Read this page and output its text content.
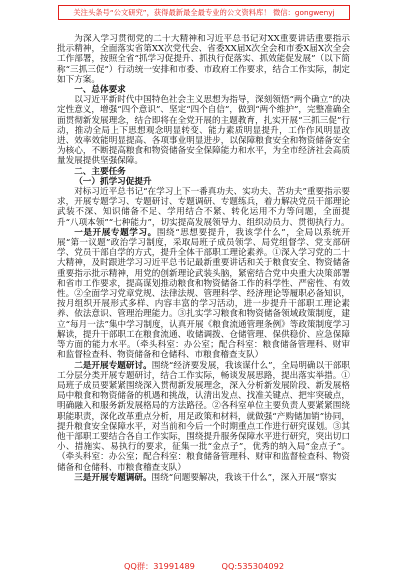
关注头条号“公文研究”，获得最新最全最专业的公文资料库！ 微信：gongwenyj

为深入学习贯彻党的二十大精神和习近平总书记对XX重要讲话重要指示批示精神，全面落实省第XX次党代会、省委XX届X次全会和市委X届X次全会工作部署，按照全省“抓学习促提升、抓执行促落实、抓效能促发展”（以下简称“三抓三促”）行动统一安排和市委、市政府工作要求，结合工作实际，制定如下方案。

一、总体要求

以习近平新时代中国特色社会主义思想为指导，深刻领悟“两个确立”的决定性意义，增强“四个意识”、坚定“四个自信”，做到“两个维护”，完整准确全面贯彻新发展理念，结合即将在全党开展的主题教育，扎实开展“三抓三促”行动，推动全局上下思想观念明显转变、能力素质明显提升，工作作风明显改进、效率效能明显提高、各项事业明显进步，以保障粮食安全和物资储备安全为核心，不断提高粮食和物资储备安全保障能力和水平，为全市经济社会高质量发展提供坚强保障。

二、主要任务

（一）抓学习促提升

对标习近平总书记“在学习上下一番真功夫、实功夫、苦功夫”重要指示要求，开展专题学习、专题研讨、专题调研、专题练兵，着力解决党员干部理论武装不深、知识储备不足、学用结合不紧、转化运用不力等问题，全面提升“八项本领”“七种能力”，切实提高发展领导力、组织动员力、贯彻执行力。

一是开展专题学习。围绕“思想要提升，我该学什么”，全局以系统开展“第一议题”政治学习制度，采取局班子成员领学、局党组督学、党支部研学、党员干部自学的方式，提升全体干部职工理论素养。①深入学习党的二十大精神，及时跟进学习习近平总书记最新重要讲话和关于粮食安全、物资储备重要指示批示精神，用党的创新理论武装头脑，紧密结合党中央重大决策部署和省市工作要求，提高谋划推动粮食和物资储备工作的科学性、严密性、有效性。②全面学习党章党规、法律法规、管理科学、经济理论等履职必备知识，按月组织开展形式多样、内容丰富的学习活动，进一步提升干部职工理论素养、依法意识、管理治理能力。③扎实学习粮食和物资储备领域政策制度，建立“每月一法”集中学习制度，认真开展《粮食流通管理条例》等政策制度学习解读，提升干部职工在粮食流通、收储调拨、仓储管理、保供稳价、应急保障等方面的能力水平。（牵头科室：办公室；配合科室：粮食储备管理科、财审和监督检查科、物资储备和仓储科、市粮食稽查支队）

二是开展专题研讨。围绕“经济要发展，我该谋什么”，全局明确以干部职工分层分类开展专题研讨，结合工作实际，畅谈发展思路，提出落实举措。①局班子成员要紧紧围绕深入贯彻新发展理念，深入分析新发展阶段、新发展格局中粮食和物资储备的机遇和挑战，认清出发点、找准关键点、把牢突破点，明确融入和服务新发展格局的方法路径。②各科室单位主要负责人要紧紧围绕职能职责，深化改革重点分析，用足政策和材料，就做强“产购储加销”协同，提升粮食安全保障水平，对当前和今后一个时期重点工作进行研究谋划。③其他干部职工要结合各自工作实际，围绕提升服务保障水平进行研究，突出切口小、措施实、易执行的要求，征集一批“金点子”，优秀的纳入局“金点子”。（牵头科室：办公室；配合科室：粮食储备管理科、财审和监督检查科、物资储备和仓储科、市粮食稽查支队）

三是开展专题调研。围绕“问题要解决，我该干什么”，深入开展“察实

QQ群：31991489	QQ:535304092
